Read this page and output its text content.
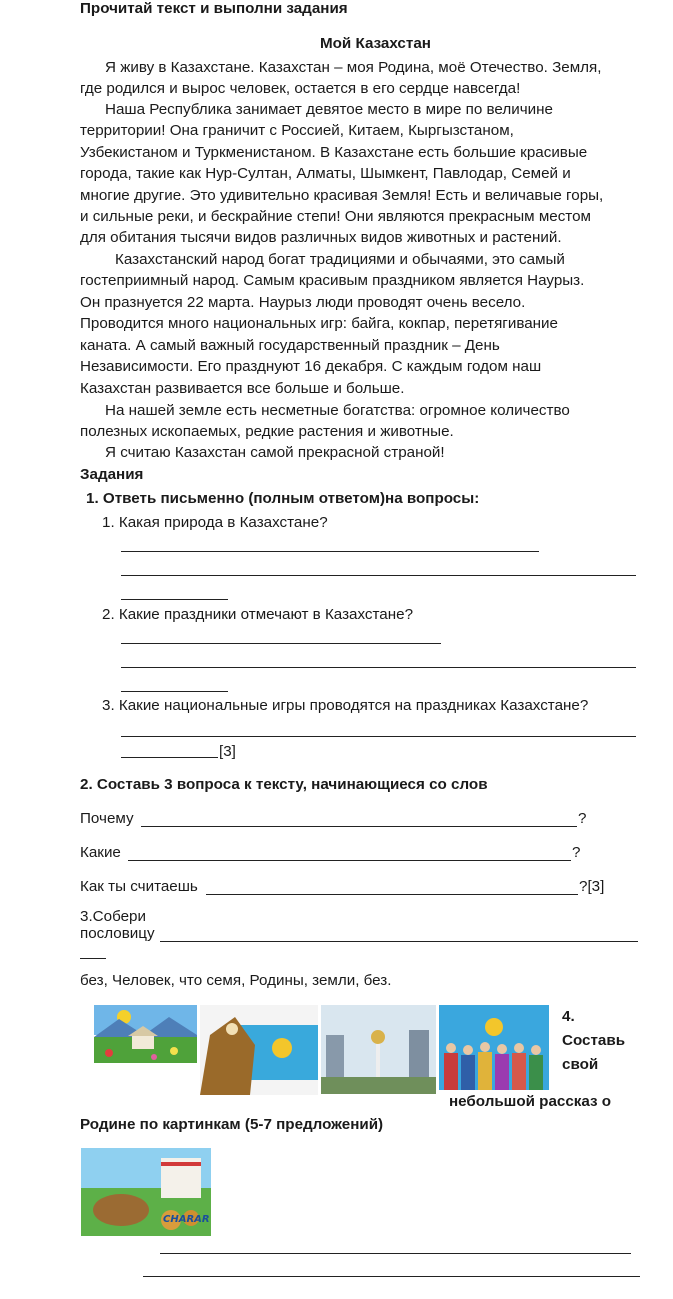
Прочитай текст и выполни задания
Мой Казахстан
Я живу в Казахстане. Казахстан – моя Родина, моё Отечество. Земля,
где родился и вырос человек, остается в его сердце навсегда!
Наша Республика занимает девятое место в мире по величине
территории! Она граничит с Россией, Китаем, Кыргызстаном,
Узбекистаном и Туркменистаном. В Казахстане есть большие красивые
города, такие как Нур-Султан, Алматы, Шымкент, Павлодар, Семей и
многие другие. Это удивительно красивая Земля! Есть и величавые горы,
и сильные реки, и бескрайние степи! Они являются прекрасным местом
для обитания тысячи видов различных видов животных и растений.
Казахстанский народ богат традициями и обычаями, это самый
гостеприимный народ. Самым красивым праздником является Наурыз.
Он празнуется 22 марта. Наурыз люди проводят очень весело.
Проводится много национальных игр: байга, кокпар, перетягивание
каната. А самый важный государственный праздник – День
Независимости. Его празднуют 16 декабря. С каждым годом наш
Казахстан развивается все больше и больше.
На нашей земле есть несметные богатства: огромное количество
полезных ископаемых, редкие растения и животные.
Я считаю Казахстан самой прекрасной страной!
Задания
1. Ответь письменно (полным ответом)на вопросы:
1. Какая природа в Казахстане?
2. Какие праздники отмечают в Казахстане?
3. Какие национальные игры проводятся на праздниках Казахстане?
[3]
2. Составь 3 вопроса к тексту, начинающиеся со слов
Почему	?
Какие	?
Как ты считаешь	?[3]
3.Собери
пословицу
без, Человек, что семя, Родины, земли, без.
4.
Составь
свой
небольшой рассказ о
Родине по картинкам (5-7 предложений)
CHARAR
